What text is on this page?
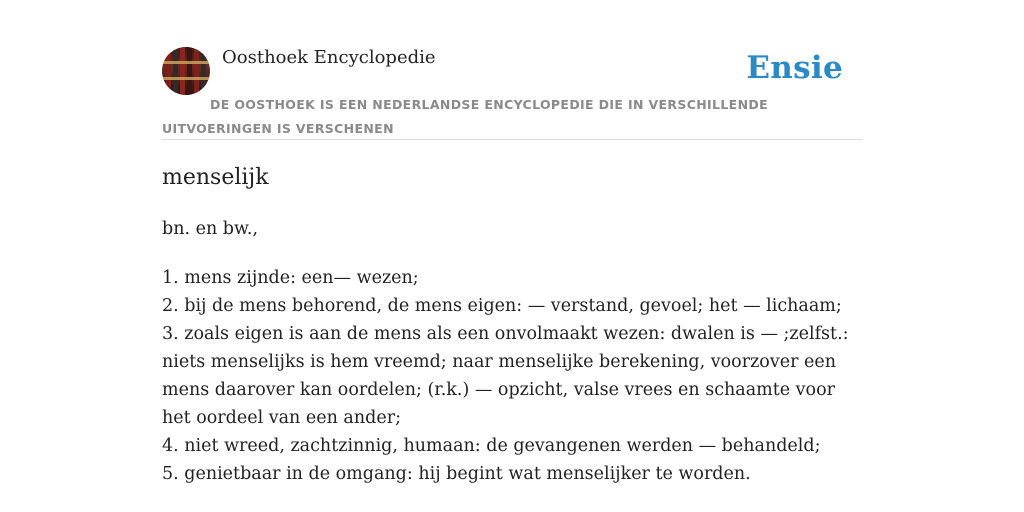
Oosthoek Encyclopedie	Ensie
DE OOSTHOEK IS EEN NEDERLANDSE ENCYCLOPEDIE DIE IN VERSCHILLENDE UITVOERINGEN IS VERSCHENEN
menselijk
bn. en bw.,
1. mens zijnde: een— wezen;
2. bij de mens behorend, de mens eigen: — verstand, gevoel; het — lichaam;
3. zoals eigen is aan de mens als een onvolmaakt wezen: dwalen is — ;zelfst.: niets menselijks is hem vreemd; naar menselijke berekening, voorzover een mens daarover kan oordelen; (r.k.) — opzicht, valse vrees en schaamte voor het oordeel van een ander;
4. niet wreed, zachtzinnig, humaan: de gevangenen werden — behandeld;
5. genietbaar in de omgang: hij begint wat menselijker te worden.
